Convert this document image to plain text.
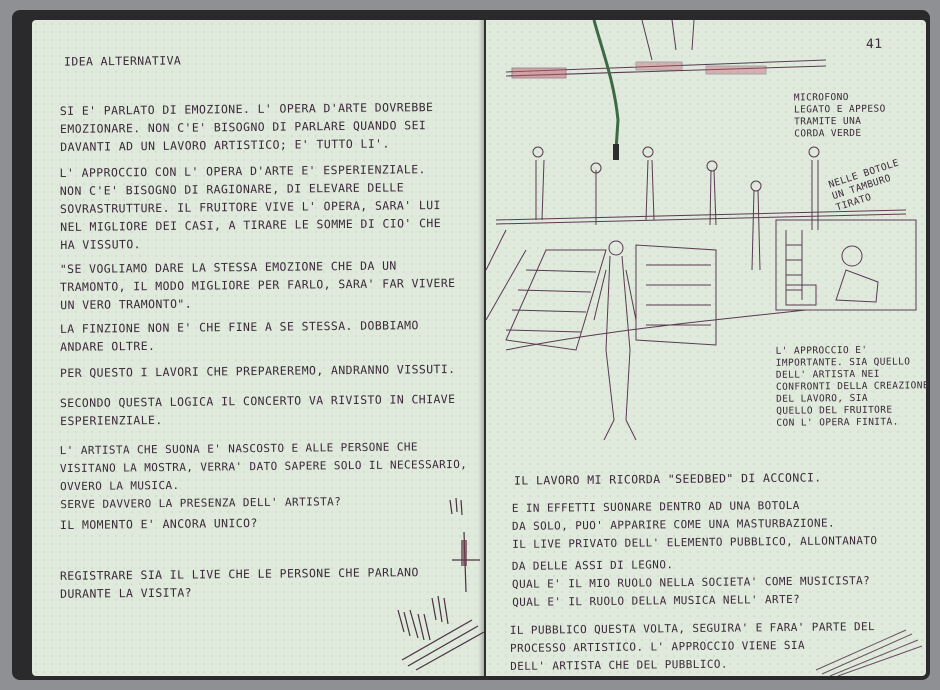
IDEA ALTERNATIVA

SI E' PARLATO DI EMOZIONE. L' OPERA D'ARTE DOVREBBE
EMOZIONARE. NON C'E' BISOGNO DI PARLARE QUANDO SEI
DAVANTI AD UN LAVORO ARTISTICO; E' TUTTO LI'.

L' APPROCCIO CON L' OPERA D'ARTE E' ESPERIENZIALE.
NON C'E' BISOGNO DI RAGIONARE, DI ELEVARE DELLE
SOVRASTRUTTURE. IL FRUITORE VIVE L' OPERA, SARA' LUI
NEL MIGLIORE DEI CASI, A TIRARE LE SOMME DI CIO' CHE
HA VISSUTO.

"SE VOGLIAMO DARE LA STESSA EMOZIONE CHE DA UN
TRAMONTO, IL MODO MIGLIORE PER FARLO, SARA' FAR VIVERE
UN VERO TRAMONTO".

LA FINZIONE NON E' CHE FINE A SE STESSA. DOBBIAMO
ANDARE OLTRE.

PER QUESTO I LAVORI CHE PREPAREREMO, ANDRANNO VISSUTI.

SECONDO QUESTA LOGICA IL CONCERTO VA RIVISTO IN CHIAVE
ESPERIENZIALE.

L' ARTISTA CHE SUONA E' NASCOSTO E ALLE PERSONE CHE
VISITANO LA MOSTRA, VERRA' DATO SAPERE SOLO IL NECESSARIO,
OVVERO LA MUSICA.
SERVE DAVVERO LA PRESENZA DELL' ARTISTA?

IL MOMENTO E' ANCORA UNICO?

REGISTRARE SIA IL LIVE CHE LE PERSONE CHE PARLANO
DURANTE LA VISITA?

41

MICROFONO
LEGATO E APPESO
TRAMITE UNA
CORDA VERDE

NELLE BOTOLE
UN TAMBURO
TIRATO

L' APPROCCIO E'
IMPORTANTE. SIA QUELLO
DELL' ARTISTA NEI
CONFRONTI DELLA CREAZIONE
DEL LAVORO, SIA
QUELLO DEL FRUITORE
CON L' OPERA FINITA.

IL LAVORO MI RICORDA "SEEDBED" DI ACCONCI.

E IN EFFETTI SUONARE DENTRO AD UNA BOTOLA
DA SOLO, PUO' APPARIRE COME UNA MASTURBAZIONE.
IL LIVE PRIVATO DELL' ELEMENTO PUBBLICO, ALLONTANATO

DA DELLE ASSI DI LEGNO.
QUAL E' IL MIO RUOLO NELLA SOCIETA' COME MUSICISTA?
QUAL E' IL RUOLO DELLA MUSICA NELL' ARTE?

IL PUBBLICO QUESTA VOLTA, SEGUIRA' E FARA' PARTE DEL
PROCESSO ARTISTICO. L' APPROCCIO VIENE SIA
DELL' ARTISTA CHE DEL PUBBLICO.
